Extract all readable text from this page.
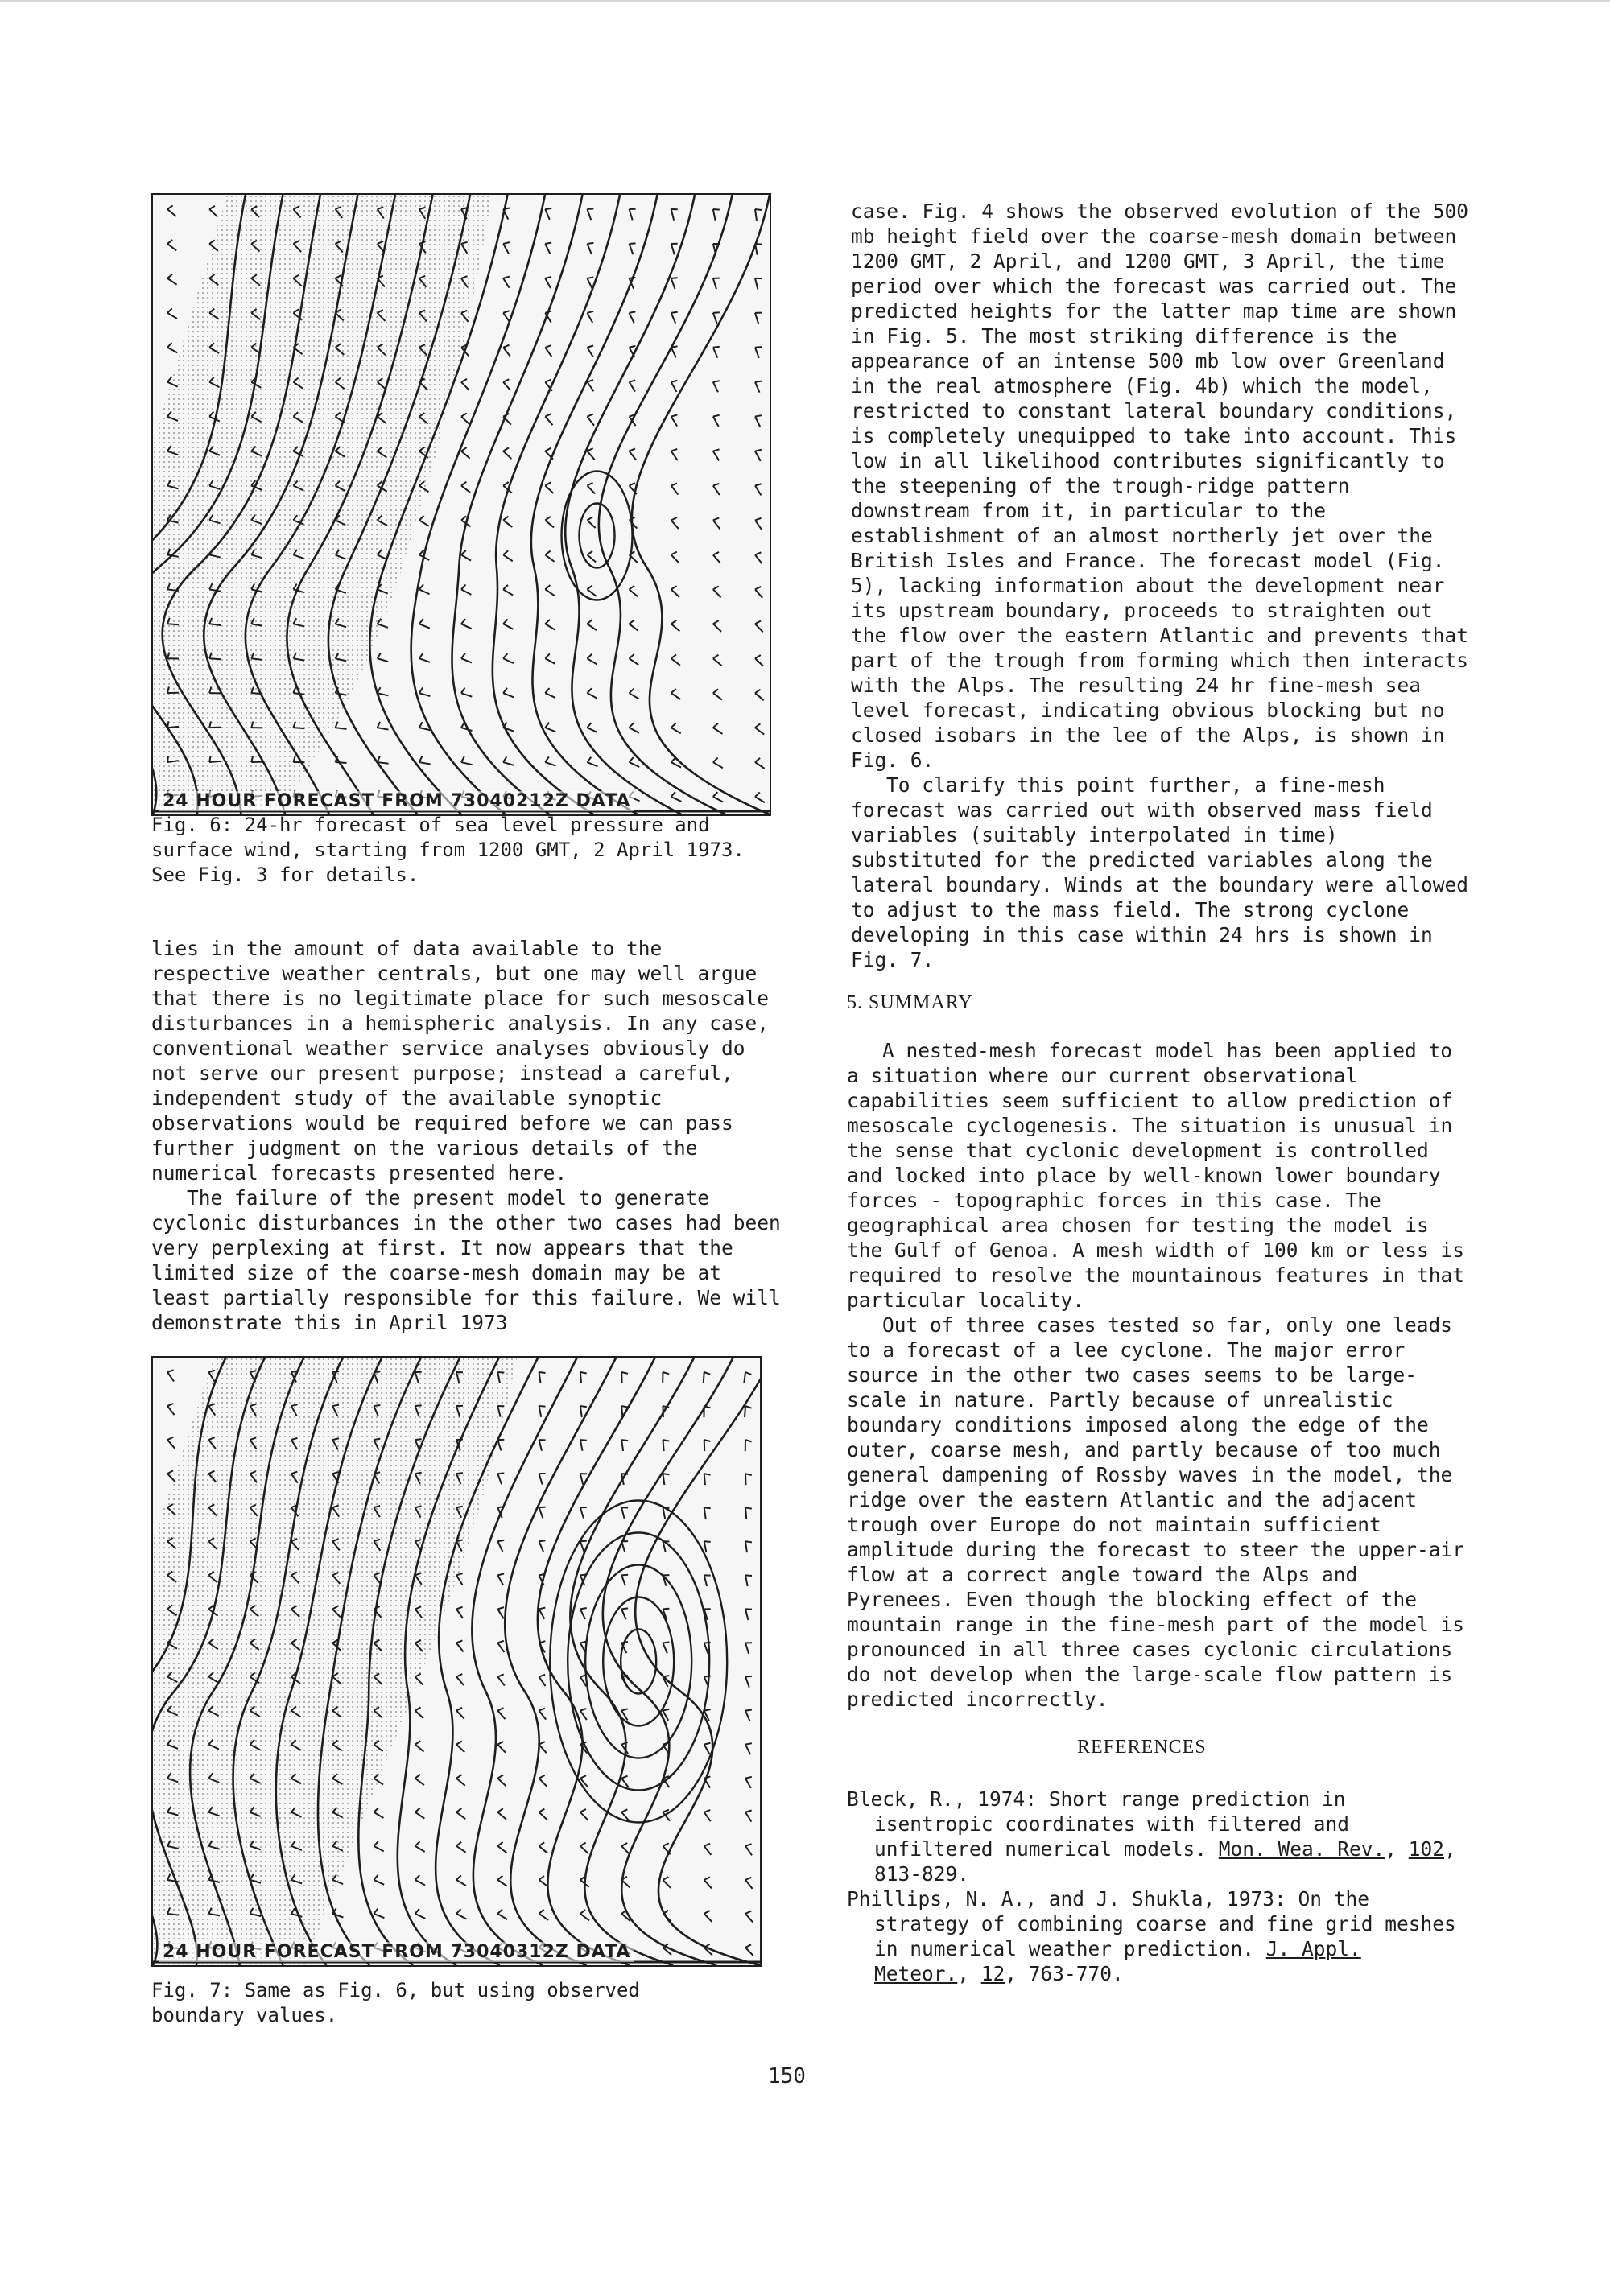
24 HOUR FORECAST FROM 73040212Z DATA
Fig. 6: 24-hr forecast of sea level pressure and surface wind, starting from 1200 GMT, 2 April 1973. See Fig. 3 for details.

lies in the amount of data available to the respective weather centrals, but one may well argue that there is no legitimate place for such mesoscale disturbances in a hemispheric analysis. In any case, conventional weather service analyses obviously do not serve our present purpose; instead a careful, independent study of the available synoptic observations would be required before we can pass further judgment on the various details of the numerical forecasts presented here.

The failure of the present model to generate cyclonic disturbances in the other two cases had been very perplexing at first. It now appears that the limited size of the coarse-mesh domain may be at least partially responsible for this failure. We will demonstrate this in April 1973

24 HOUR FORECAST FROM 73040312Z DATA
Fig. 7: Same as Fig. 6, but using observed boundary values.

case. Fig. 4 shows the observed evolution of the 500 mb height field over the coarse-mesh domain between 1200 GMT, 2 April, and 1200 GMT, 3 April, the time period over which the forecast was carried out. The predicted heights for the latter map time are shown in Fig. 5. The most striking difference is the appearance of an intense 500 mb low over Greenland in the real atmosphere (Fig. 4b) which the model, restricted to constant lateral boundary conditions, is completely unequipped to take into account. This low in all likelihood contributes significantly to the steepening of the trough-ridge pattern downstream from it, in particular to the establishment of an almost northerly jet over the British Isles and France. The forecast model (Fig. 5), lacking information about the development near its upstream boundary, proceeds to straighten out the flow over the eastern Atlantic and prevents that part of the trough from forming which then interacts with the Alps. The resulting 24 hr fine-mesh sea level forecast, indicating obvious blocking but no closed isobars in the lee of the Alps, is shown in Fig. 6.

To clarify this point further, a fine-mesh forecast was carried out with observed mass field variables (suitably interpolated in time) substituted for the predicted variables along the lateral boundary. Winds at the boundary were allowed to adjust to the mass field. The strong cyclone developing in this case within 24 hrs is shown in Fig. 7.

5. SUMMARY

A nested-mesh forecast model has been applied to a situation where our current observational capabilities seem sufficient to allow prediction of mesoscale cyclogenesis. The situation is unusual in the sense that cyclonic development is controlled and locked into place by well-known lower boundary forces - topographic forces in this case. The geographical area chosen for testing the model is the Gulf of Genoa. A mesh width of 100 km or less is required to resolve the mountainous features in that particular locality.

Out of three cases tested so far, only one leads to a forecast of a lee cyclone. The major error source in the other two cases seems to be large-scale in nature. Partly because of unrealistic boundary conditions imposed along the edge of the outer, coarse mesh, and partly because of too much general dampening of Rossby waves in the model, the ridge over the eastern Atlantic and the adjacent trough over Europe do not maintain sufficient amplitude during the forecast to steer the upper-air flow at a correct angle toward the Alps and Pyrenees. Even though the blocking effect of the mountain range in the fine-mesh part of the model is pronounced in all three cases cyclonic circulations do not develop when the large-scale flow pattern is predicted incorrectly.

REFERENCES

Bleck, R., 1974: Short range prediction in isentropic coordinates with filtered and unfiltered numerical models. Mon. Wea. Rev., 102, 813-829.

Phillips, N. A., and J. Shukla, 1973: On the strategy of combining coarse and fine grid meshes in numerical weather prediction. J. Appl. Meteor., 12, 763-770.

150
